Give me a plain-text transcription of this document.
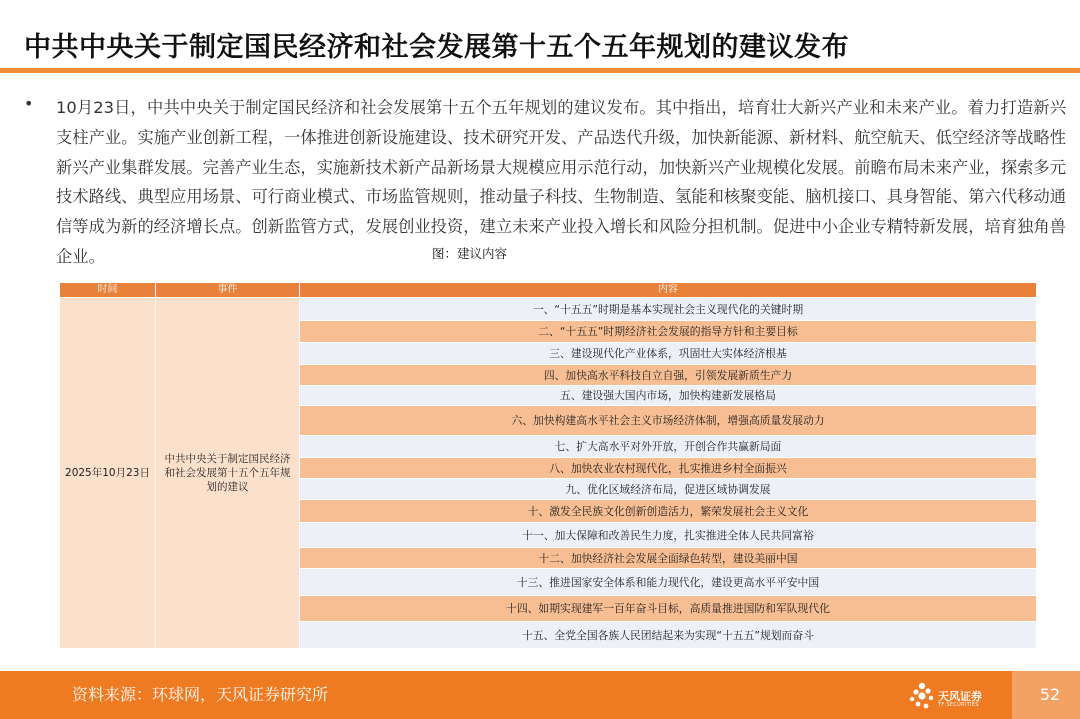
中共中央关于制定国民经济和社会发展第十五个五年规划的建议发布
• 10月23日，中共中央关于制定国民经济和社会发展第十五个五年规划的建议发布。其中指出，培育壮大新兴产业和未来产业。着力打造新兴支柱产业。实施产业创新工程，一体推进创新设施建设、技术研究开发、产品迭代升级，加快新能源、新材料、航空航天、低空经济等战略性新兴产业集群发展。完善产业生态，实施新技术新产品新场景大规模应用示范行动，加快新兴产业规模化发展。前瞻布局未来产业，探索多元技术路线、典型应用场景、可行商业模式、市场监管规则，推动量子科技、生物制造、氢能和核聚变能、脑机接口、具身智能、第六代移动通信等成为新的经济增长点。创新监管方式，发展创业投资，建立未来产业投入增长和风险分担机制。促进中小企业专精特新发展，培育独角兽企业。	图：建议内容
时间	事件	内容
2025年10月23日
中共中央关于制定国民经济和社会发展第十五个五年规划的建议
一、“十五五”时期是基本实现社会主义现代化的关键时期
二、“十五五”时期经济社会发展的指导方针和主要目标
三、建设现代化产业体系，巩固壮大实体经济根基
四、加快高水平科技自立自强，引领发展新质生产力
五、建设强大国内市场，加快构建新发展格局
六、加快构建高水平社会主义市场经济体制，增强高质量发展动力
七、扩大高水平对外开放，开创合作共赢新局面
八、加快农业农村现代化，扎实推进乡村全面振兴
九、优化区域经济布局，促进区域协调发展
十、激发全民族文化创新创造活力，繁荣发展社会主义文化
十一、加大保障和改善民生力度，扎实推进全体人民共同富裕
十二、加快经济社会发展全面绿色转型，建设美丽中国
十三、推进国家安全体系和能力现代化，建设更高水平平安中国
十四、如期实现建军一百年奋斗目标，高质量推进国防和军队现代化
十五、全党全国各族人民团结起来为实现“十五五”规划而奋斗
资料来源：环球网，天风证券研究所	天风证券
TF SECURITIES
52
